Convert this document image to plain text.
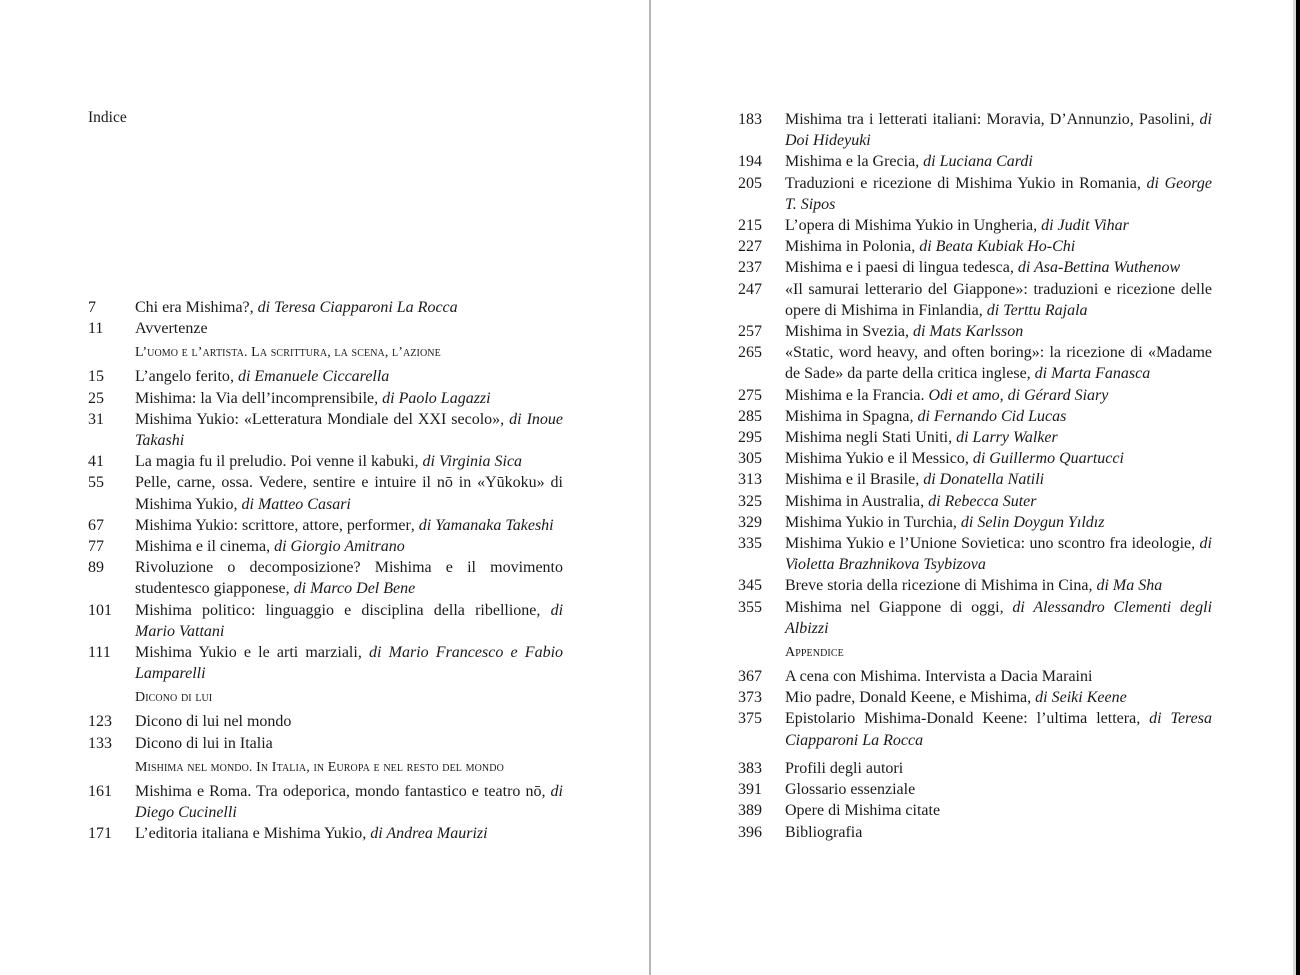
Indice
7	Chi era Mishima?, di Teresa Ciapparoni La Rocca
11	Avvertenze
L’uomo e l’artista. La scrittura, la scena, l’azione
15	L’angelo ferito, di Emanuele Ciccarella
25	Mishima: la Via dell’incomprensibile, di Paolo Lagazzi
31	Mishima Yukio: «Letteratura Mondiale del XXI secolo», di Inoue Takashi
41	La magia fu il preludio. Poi venne il kabuki, di Virginia Sica
55	Pelle, carne, ossa. Vedere, sentire e intuire il nō in «Yūkoku» di Mishima Yukio, di Matteo Casari
67	Mishima Yukio: scrittore, attore, performer, di Yamanaka Takeshi
77	Mishima e il cinema, di Giorgio Amitrano
89	Rivoluzione o decomposizione? Mishima e il movimento studentesco giapponese, di Marco Del Bene
101	Mishima politico: linguaggio e disciplina della ribellione, di Mario Vattani
111	Mishima Yukio e le arti marziali, di Mario Francesco e Fabio Lamparelli
Dicono di lui
123	Dicono di lui nel mondo
133	Dicono di lui in Italia
Mishima nel mondo. In Italia, in Europa e nel resto del mondo
161	Mishima e Roma. Tra odeporica, mondo fantastico e teatro nō, di Diego Cucinelli
171	L’editoria italiana e Mishima Yukio, di Andrea Maurizi
183	Mishima tra i letterati italiani: Moravia, D’Annunzio, Pasolini, di Doi Hideyuki
194	Mishima e la Grecia, di Luciana Cardi
205	Traduzioni e ricezione di Mishima Yukio in Romania, di George T. Sipos
215	L’opera di Mishima Yukio in Ungheria, di Judit Vihar
227	Mishima in Polonia, di Beata Kubiak Ho-Chi
237	Mishima e i paesi di lingua tedesca, di Asa-Bettina Wuthenow
247	«Il samurai letterario del Giappone»: traduzioni e ricezione delle opere di Mishima in Finlandia, di Terttu Rajala
257	Mishima in Svezia, di Mats Karlsson
265	«Static, word heavy, and often boring»: la ricezione di «Madame de Sade» da parte della critica inglese, di Marta Fanasca
275	Mishima e la Francia. Odi et amo, di Gérard Siary
285	Mishima in Spagna, di Fernando Cid Lucas
295	Mishima negli Stati Uniti, di Larry Walker
305	Mishima Yukio e il Messico, di Guillermo Quartucci
313	Mishima e il Brasile, di Donatella Natili
325	Mishima in Australia, di Rebecca Suter
329	Mishima Yukio in Turchia, di Selin Doygun Yıldız
335	Mishima Yukio e l’Unione Sovietica: uno scontro fra ideologie, di Violetta Brazhnikova Tsybizova
345	Breve storia della ricezione di Mishima in Cina, di Ma Sha
355	Mishima nel Giappone di oggi, di Alessandro Clementi degli Albizzi
Appendice
367	A cena con Mishima. Intervista a Dacia Maraini
373	Mio padre, Donald Keene, e Mishima, di Seiki Keene
375	Epistolario Mishima-Donald Keene: l’ultima lettera, di Teresa Ciapparoni La Rocca
383	Profili degli autori
391	Glossario essenziale
389	Opere di Mishima citate
396	Bibliografia
